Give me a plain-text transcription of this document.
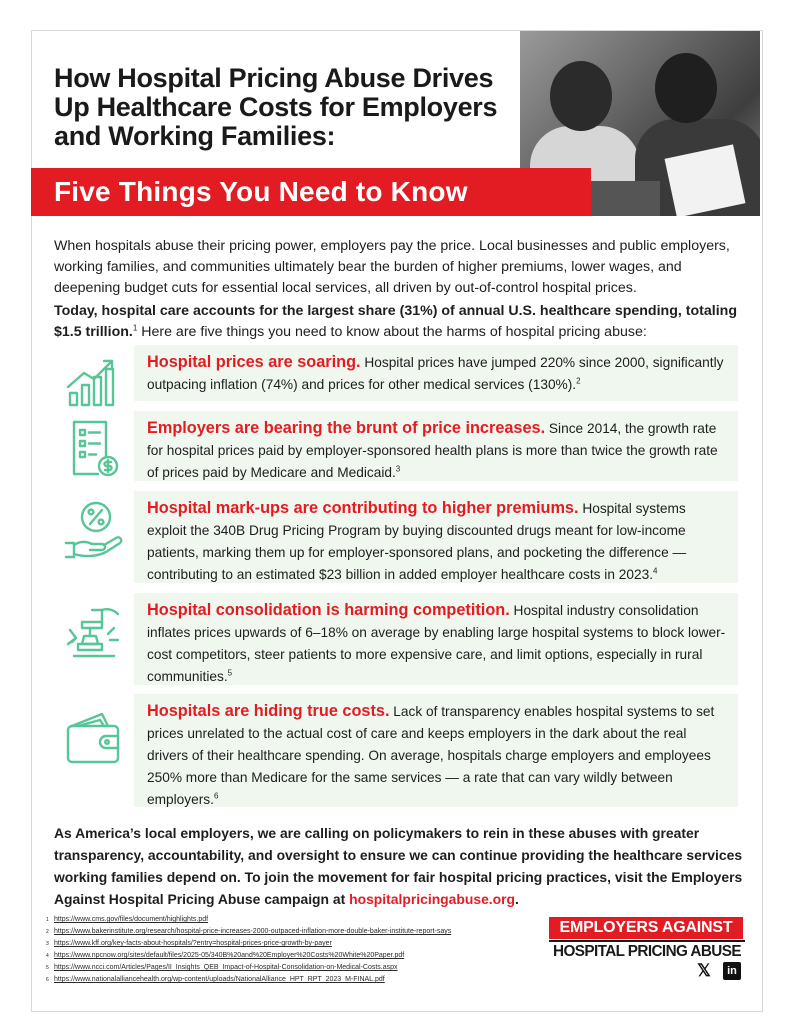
How Hospital Pricing Abuse Drives Up Healthcare Costs for Employers and Working Families:
Five Things You Need to Know

When hospitals abuse their pricing power, employers pay the price. Local businesses and public employers, working families, and communities ultimately bear the burden of higher premiums, lower wages, and deepening budget cuts for essential local services, all driven by out-of-control hospital prices.

Today, hospital care accounts for the largest share (31%) of annual U.S. healthcare spending, totaling $1.5 trillion.$^1$ Here are five things you need to know about the harms of hospital pricing abuse:

Hospital prices are soaring. Hospital prices have jumped 220% since 2000, significantly outpacing inflation (74%) and prices for other medical services (130%).$^2$

Employers are bearing the brunt of price increases. Since 2014, the growth rate for hospital prices paid by employer-sponsored health plans is more than twice the growth rate of prices paid by Medicare and Medicaid.$^3$

Hospital mark-ups are contributing to higher premiums. Hospital systems exploit the 340B Drug Pricing Program by buying discounted drugs meant for low-income patients, marking them up for employer-sponsored plans, and pocketing the difference — contributing to an estimated $23 billion in added employer healthcare costs in 2023.$^4$

Hospital consolidation is harming competition. Hospital industry consolidation inflates prices upwards of 6–18% on average by enabling large hospital systems to block lower-cost competitors, steer patients to more expensive care, and limit options, especially in rural communities.$^5$

Hospitals are hiding true costs. Lack of transparency enables hospital systems to set prices unrelated to the actual cost of care and keeps employers in the dark about the real drivers of their healthcare spending. On average, hospitals charge employers and employees 250% more than Medicare for the same services — a rate that can vary wildly between employers.$^6$

As America’s local employers, we are calling on policymakers to rein in these abuses with greater transparency, accountability, and oversight to ensure we can continue providing the healthcare services working families depend on. To join the movement for fair hospital pricing practices, visit the Employers Against Hospital Pricing Abuse campaign at hospitalpricingabuse.org.

1 https://www.cms.gov/files/document/highlights.pdf
2 https://www.bakerinstitute.org/research/hospital-price-increases-2000-outpaced-inflation-more-double-baker-institute-report-says
3 https://www.kff.org/key-facts-about-hospitals/?entry=hospital-prices-price-growth-by-payer
4 https://www.npcnow.org/sites/default/files/2025-05/340B%20and%20Employer%20Costs%20White%20Paper.pdf
5 https://www.ncci.com/Articles/Pages/II_Insights_QEB_Impact-of-Hospital-Consolidation-on-Medical-Costs.aspx
6 https://www.nationalalliancehealth.org/wp-content/uploads/NationalAlliance_HPT_RPT_2023_M-FINAL.pdf
EMPLOYERS AGAINST
HOSPITAL PRICING ABUSE
𝕏	in
